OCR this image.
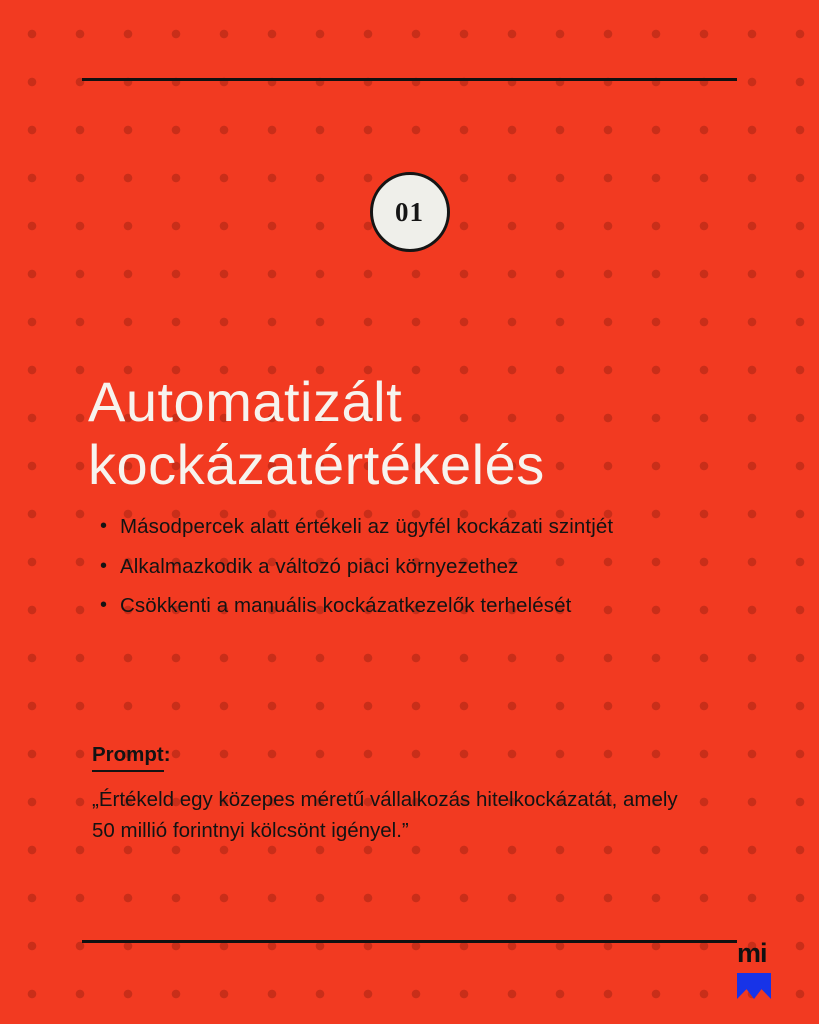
01
Automatizált
kockázatértékelés
• Másodpercek alatt értékeli az ügyfél kockázati szintjét
• Alkalmazkodik a változó piaci környezethez
• Csökkenti a manuális kockázatkezelők terhelését
Prompt:

„Értékeld egy közepes méretű vállalkozás hitelkockázatát, amely 50 millió forintnyi kölcsönt igényel.”

mi
